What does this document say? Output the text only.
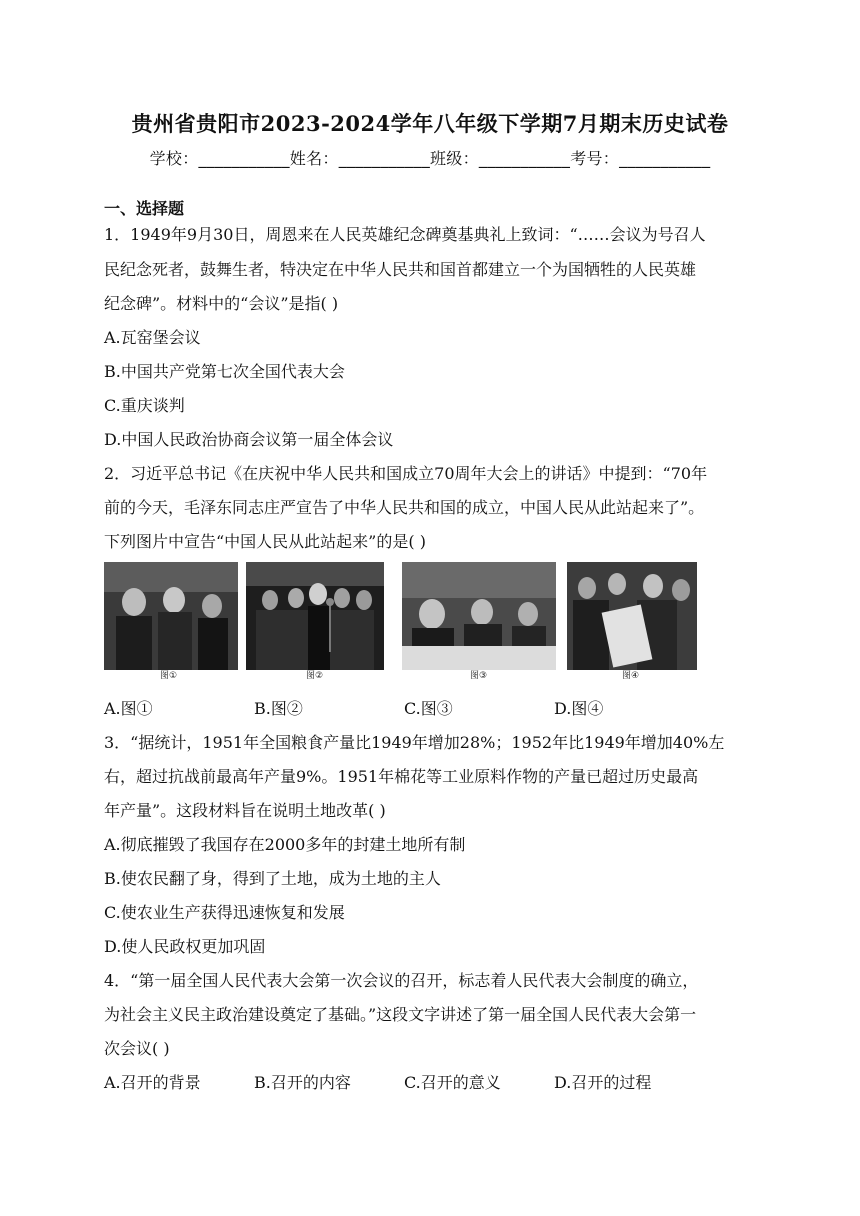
贵州省贵阳市2023-2024学年八年级下学期7月期末历史试卷
学校：___________姓名：___________班级：___________考号：___________
一、选择题
1．1949年9月30日，周恩来在人民英雄纪念碑奠基典礼上致词：“……会议为号召人
民纪念死者，鼓舞生者，特决定在中华人民共和国首都建立一个为国牺牲的人民英雄
纪念碑”。材料中的“会议”是指( )
A.瓦窑堡会议
B.中国共产党第七次全国代表大会
C.重庆谈判
D.中国人民政治协商会议第一届全体会议
2．习近平总书记《在庆祝中华人民共和国成立70周年大会上的讲话》中提到：“70年
前的今天，毛泽东同志庄严宣告了中华人民共和国的成立，中国人民从此站起来了”。
下列图片中宣告“中国人民从此站起来”的是( )
图①	图②	图③	图④
A.图①	B.图②	C.图③	D.图④
3．“据统计，1951年全国粮食产量比1949年增加28%；1952年比1949年增加40%左
右，超过抗战前最高年产量9%。1951年棉花等工业原料作物的产量已超过历史最高
年产量”。这段材料旨在说明土地改革( )
A.彻底摧毁了我国存在2000多年的封建土地所有制
B.使农民翻了身，得到了土地，成为土地的主人
C.使农业生产获得迅速恢复和发展
D.使人民政权更加巩固
4．“第一届全国人民代表大会第一次会议的召开，标志着人民代表大会制度的确立，
为社会主义民主政治建设奠定了基础。”这段文字讲述了第一届全国人民代表大会第一
次会议( )
A.召开的背景	B.召开的内容	C.召开的意义	D.召开的过程
